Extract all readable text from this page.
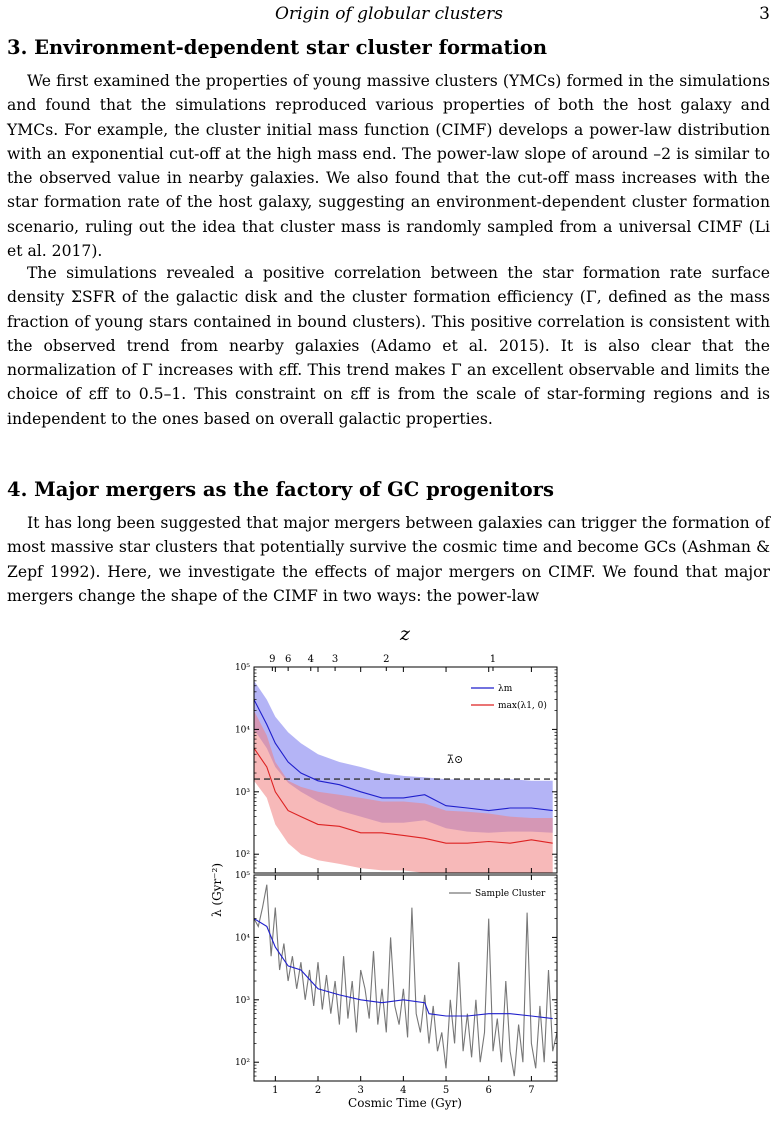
Origin of globular clusters	3
3. Environment-dependent star cluster formation

We first examined the properties of young massive clusters (YMCs) formed in the simulations and found that the simulations reproduced various properties of both the host galaxy and YMCs. For example, the cluster initial mass function (CIMF) develops a power-law distribution with an exponential cut-off at the high mass end. The power-law slope of around –2 is similar to the observed value in nearby galaxies. We also found that the cut-off mass increases with the star formation rate of the host galaxy, suggesting an environment-dependent cluster formation scenario, ruling out the idea that cluster mass is randomly sampled from a universal CIMF (Li et al. 2017).

The simulations revealed a positive correlation between the star formation rate surface density ΣSFR of the galactic disk and the cluster formation efficiency (Γ, defined as the mass fraction of young stars contained in bound clusters). This positive correlation is consistent with the observed trend from nearby galaxies (Adamo et al. 2015). It is also clear that the normalization of Γ increases with εff. This trend makes Γ an excellent observable and limits the choice of εff to 0.5–1. This constraint on εff is from the scale of star-forming regions and is independent to the ones based on overall galactic properties.

4. Major mergers as the factory of GC progenitors

It has long been suggested that major mergers between galaxies can trigger the formation of most massive star clusters that potentially survive the cosmic time and become GCs (Ashman & Zepf 1992). Here, we investigate the effects of major mergers on CIMF. We found that major mergers change the shape of the CIMF in two ways: the power-law

10²
10³
10⁴
10⁵
10²
10³
10⁴
10⁵
1	2	3	4	5	6	7
9 6 4 3	2	1
z
Cosmic Time (Gyr)
λ (Gyr⁻²)
λm
max(λ1, 0)
λ̄⊙
Sample Cluster
